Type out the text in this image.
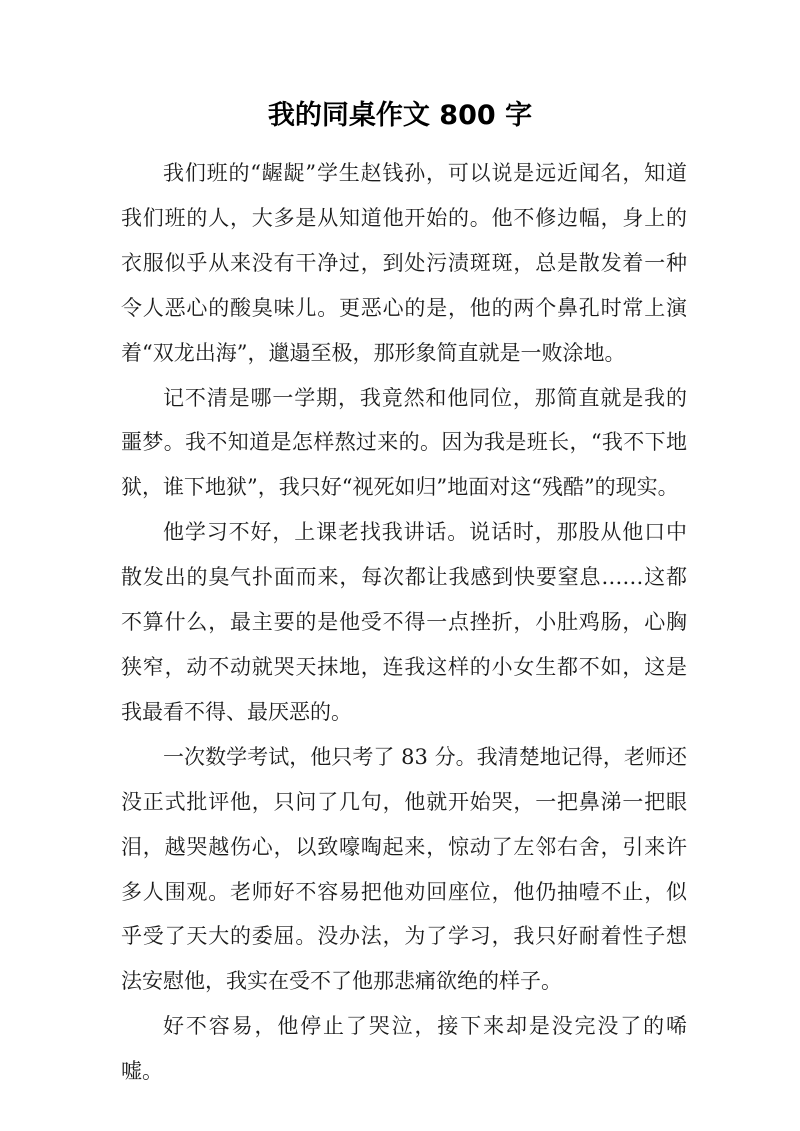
我的同桌作文 800 字

我们班的“龌龊”学生赵钱孙，可以说是远近闻名，知道我们班的人，大多是从知道他开始的。他不修边幅，身上的衣服似乎从来没有干净过，到处污渍斑斑，总是散发着一种令人恶心的酸臭味儿。更恶心的是，他的两个鼻孔时常上演着“双龙出海”，邋遢至极，那形象简直就是一败涂地。

记不清是哪一学期，我竟然和他同位，那简直就是我的噩梦。我不知道是怎样熬过来的。因为我是班长，“我不下地狱，谁下地狱”，我只好“视死如归”地面对这“残酷”的现实。

他学习不好，上课老找我讲话。说话时，那股从他口中散发出的臭气扑面而来，每次都让我感到快要窒息……这都不算什么，最主要的是他受不得一点挫折，小肚鸡肠，心胸狭窄，动不动就哭天抹地，连我这样的小女生都不如，这是我最看不得、最厌恶的。

一次数学考试，他只考了 83 分。我清楚地记得，老师还没正式批评他，只问了几句，他就开始哭，一把鼻涕一把眼泪，越哭越伤心，以致嚎啕起来，惊动了左邻右舍，引来许多人围观。老师好不容易把他劝回座位，他仍抽噎不止，似乎受了天大的委屈。没办法，为了学习，我只好耐着性子想法安慰他，我实在受不了他那悲痛欲绝的样子。

好不容易，他停止了哭泣，接下来却是没完没了的唏嘘。
